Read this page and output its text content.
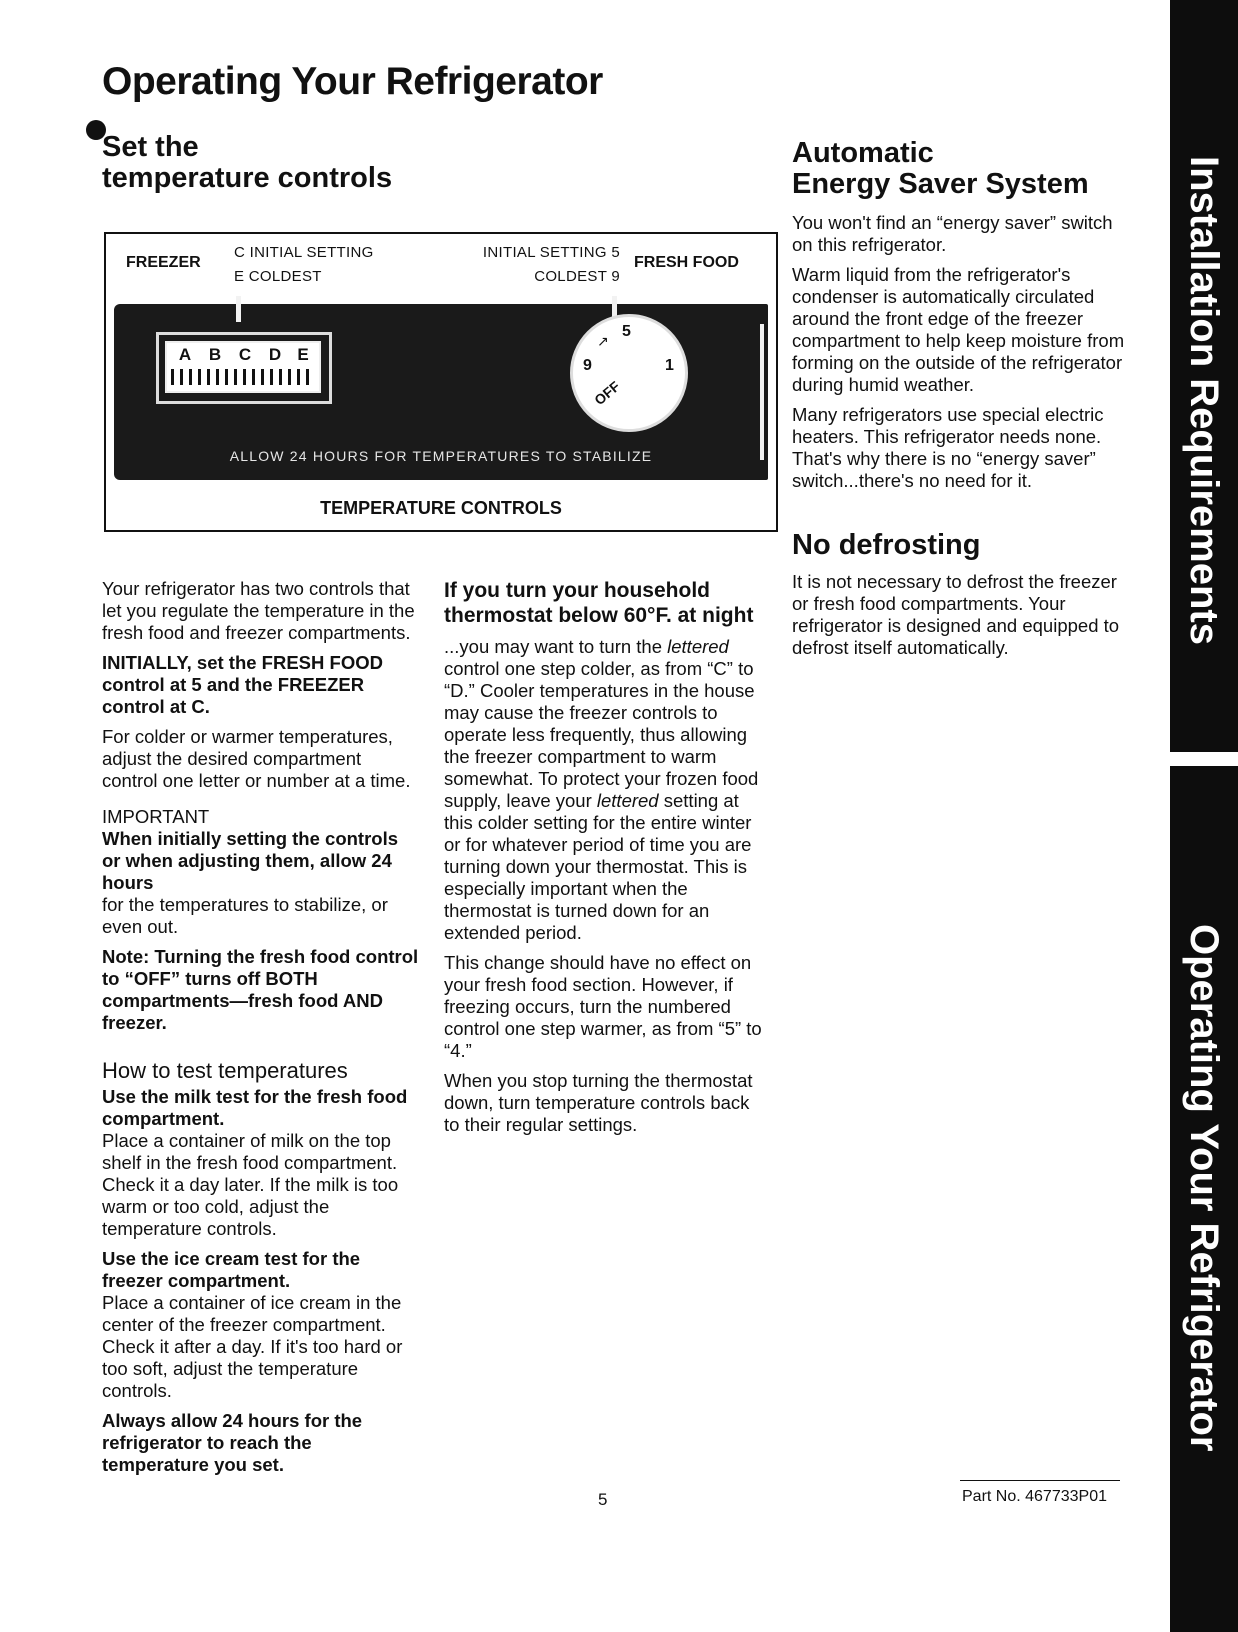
Operating Your Refrigerator
Set the
temperature controls
FREEZER
C INITIAL SETTING
E COLDEST
INITIAL SETTING 5
COLDEST 9
FRESH FOOD
A	B	C	D E
5
9	1
OFF
↗
ALLOW 24 HOURS FOR TEMPERATURES TO STABILIZE
TEMPERATURE CONTROLS

Your refrigerator has two controls that let you regulate the temperature in the fresh food and freezer compartments.

INITIALLY, set the FRESH FOOD control at 5 and the FREEZER control at C.

For colder or warmer temperatures, adjust the desired compartment control one letter or number at a time.

IMPORTANT

When initially setting the controls or when adjusting them, allow 24 hours

for the temperatures to stabilize, or even out.

Note: Turning the fresh food control to “OFF” turns off BOTH compartments—fresh food AND freezer.

How to test temperatures

Use the milk test for the fresh food compartment.

Place a container of milk on the top shelf in the fresh food compartment. Check it a day later. If the milk is too warm or too cold, adjust the temperature controls.

Use the ice cream test for the freezer compartment.

Place a container of ice cream in the center of the freezer compartment. Check it after a day. If it's too hard or too soft, adjust the temperature controls.

Always allow 24 hours for the refrigerator to reach the temperature you set.

If you turn your household thermostat below 60°F. at night

...you may want to turn the lettered control one step colder, as from “C” to “D.” Cooler temperatures in the house may cause the freezer controls to operate less frequently, thus allowing the freezer compartment to warm somewhat. To protect your frozen food supply, leave your lettered setting at this colder setting for the entire winter or for whatever period of time you are turning down your thermostat. This is especially important when the thermostat is turned down for an extended period.

This change should have no effect on your fresh food section. However, if freezing occurs, turn the numbered control one step warmer, as from “5” to “4.”

When you stop turning the thermostat down, turn temperature controls back to their regular settings.

Automatic
Energy Saver System

You won't find an “energy saver” switch on this refrigerator.

Warm liquid from the refrigerator's condenser is automatically circulated around the front edge of the freezer compartment to help keep moisture from forming on the outside of the refrigerator during humid weather.

Many refrigerators use special electric heaters. This refrigerator needs none. That's why there is no “energy saver” switch...there's no need for it.

No defrosting

It is not necessary to defrost the freezer or fresh food compartments. Your refrigerator is designed and equipped to defrost itself automatically.

5	Part No. 467733P01
Installation Requirements
Operating Your Refrigerator
